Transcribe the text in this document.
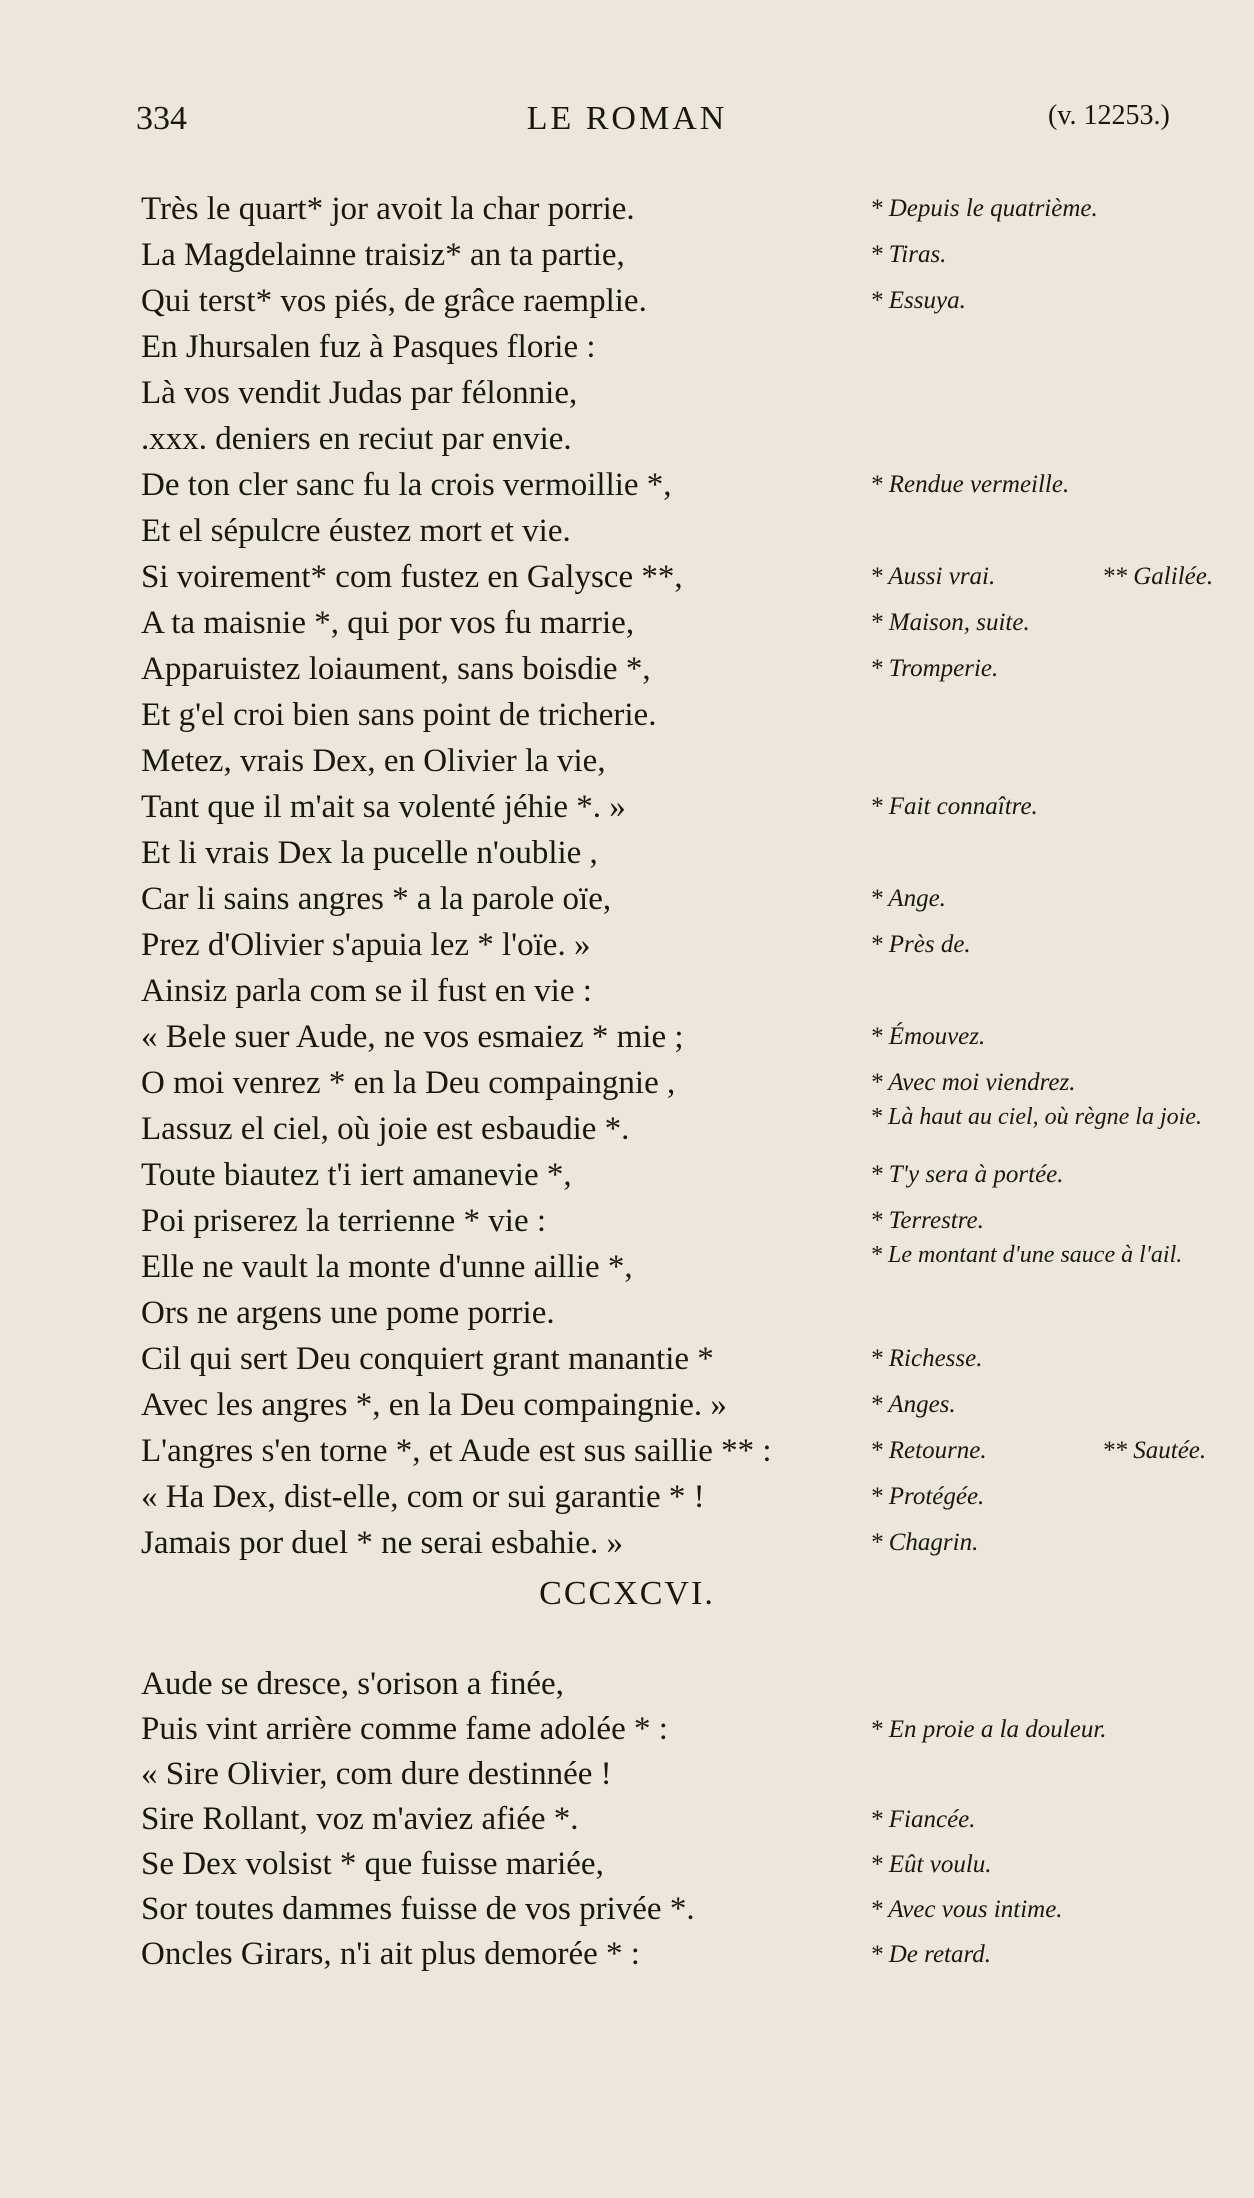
334	LE ROMAN	(v. 12253.)
Très le quart* jor avoit la char porrie.
La Magdelainne traisiz* an ta partie,
Qui terst* vos piés, de grâce raemplie.
En Jhursalen fuz à Pasques florie :
Là vos vendit Judas par félonnie,
.xxx. deniers en reciut par envie.
De ton cler sanc fu la crois vermoillie *,
Et el sépulcre éustez mort et vie.
Si voirement* com fustez en Galysce **,
A ta maisnie *, qui por vos fu marrie,
Apparuistez loiaument, sans boisdie *,
Et g'el croi bien sans point de tricherie.
Metez, vrais Dex, en Olivier la vie,
Tant que il m'ait sa volenté jéhie *. »
Et li vrais Dex la pucelle n'oublie ,
Car li sains angres * a la parole oïe,
Prez d'Olivier s'apuia lez * l'oïe. »
Ainsiz parla com se il fust en vie :
« Bele suer Aude, ne vos esmaiez * mie ;
O moi venrez * en la Deu compaingnie ,
Lassuz el ciel, où joie est esbaudie *.
Toute biautez t'i iert amanevie *,
Poi priserez la terrienne * vie :
Elle ne vault la monte d'unne aillie *,
Ors ne argens une pome porrie.
Cil qui sert Deu conquiert grant manantie *
Avec les angres *, en la Deu compaingnie. »
L'angres s'en torne *, et Aude est sus saillie ** :
« Ha Dex, dist-elle, com or sui garantie * !
Jamais por duel * ne serai esbahie. »
* Depuis le quatrième.
* Tiras.
* Essuya.
* Rendue vermeille.
* Aussi vrai.	** Galilée.
* Maison, suite.
* Tromperie.
* Fait connaître.
* Ange.
* Près de.
* Émouvez.
* Avec moi viendrez.
* Là haut au ciel, où règne la joie.
* T'y sera à portée.
* Terrestre.
* Le montant d'une sauce à l'ail.
* Richesse.
* Anges.
* Retourne.	** Sautée.
* Protégée.
* Chagrin.
CCCXCVI.
Aude se dresce, s'orison a finée,
Puis vint arrière comme fame adolée * :
« Sire Olivier, com dure destinnée !
Sire Rollant, voz m'aviez afiée *.
Se Dex volsist * que fuisse mariée,
Sor toutes dammes fuisse de vos privée *.
Oncles Girars, n'i ait plus demorée * :
* En proie a la douleur.
* Fiancée.
* Eût voulu.
* Avec vous intime.
* De retard.
